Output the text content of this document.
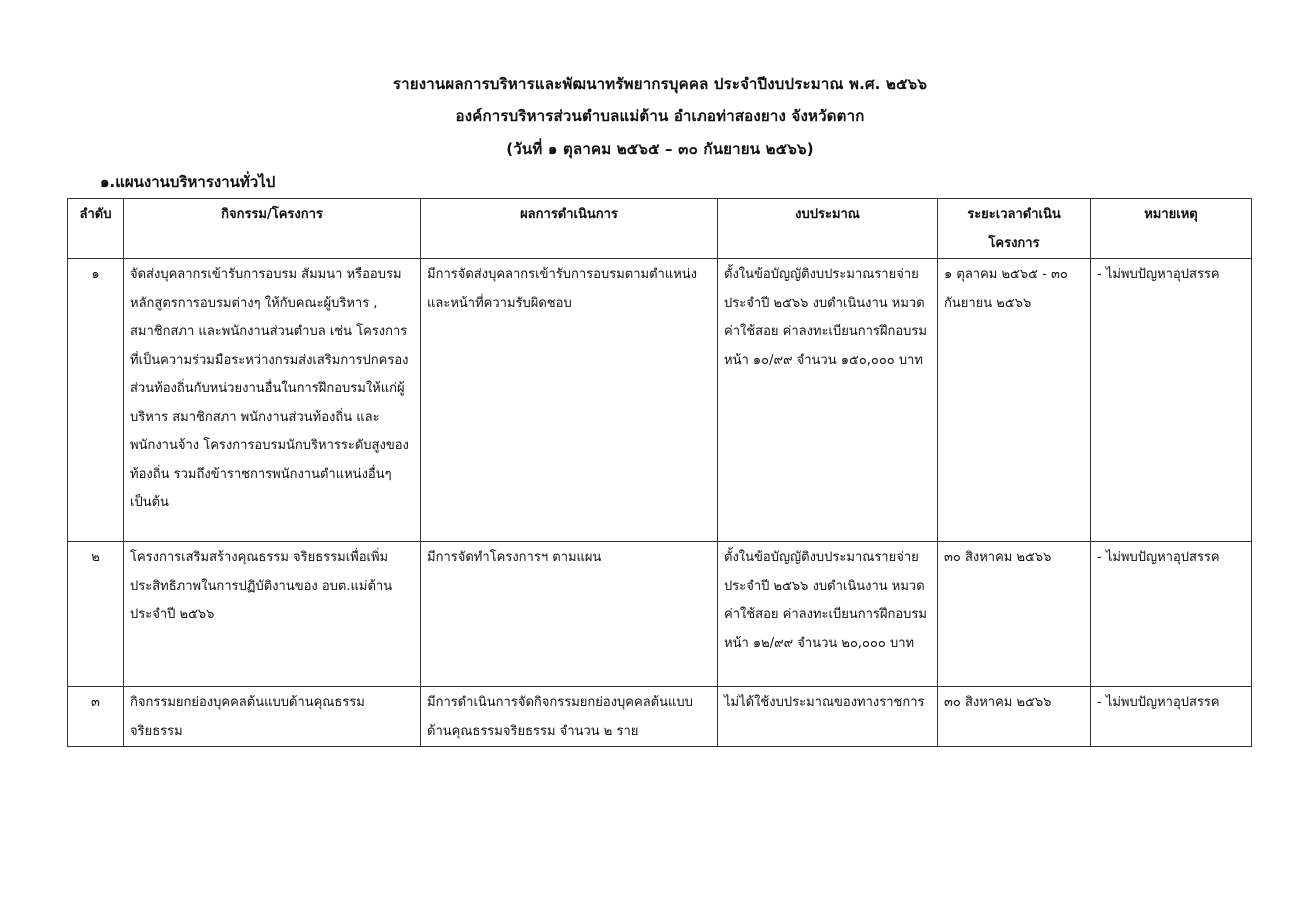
รายงานผลการบริหารและพัฒนาทรัพยากรบุคคล ประจำปีงบประมาณ พ.ศ. ๒๕๖๖
องค์การบริหารส่วนตำบลแม่ต้าน อำเภอท่าสองยาง จังหวัดตาก
(วันที่ ๑ ตุลาคม ๒๕๖๕ – ๓๐ กันยายน ๒๕๖๖)
๑.แผนงานบริหารงานทั่วไป
ลำดับ	กิจกรรม/โครงการ	ผลการดำเนินการ	งบประมาณ	ระยะเวลาดำเนินโครงการ	หมายเหตุ
๑	จัดส่งบุคลากรเข้ารับการอบรม สัมมนา หรืออบรมหลักสูตรการอบรมต่างๆ ให้กับคณะผู้บริหาร , สมาชิกสภา และพนักงานส่วนตำบล เช่น โครงการที่เป็นความร่วมมือระหว่างกรมส่งเสริมการปกครองส่วนท้องถิ่นกับหน่วยงานอื่นในการฝึกอบรมให้แก่ผู้บริหาร สมาชิกสภา พนักงานส่วนท้องถิ่น และพนักงานจ้าง โครงการอบรมนักบริหารระดับสูงของท้องถิ่น รวมถึงข้าราชการพนักงานตำแหน่งอื่นๆ เป็นต้น	มีการจัดส่งบุคลากรเข้ารับการอบรมตามตำแหน่งและหน้าที่ความรับผิดชอบ	ตั้งในข้อบัญญัติงบประมาณรายจ่ายประจำปี ๒๕๖๖ งบดำเนินงาน หมวดค่าใช้สอย ค่าลงทะเบียนการฝึกอบรม หน้า ๑๐/๙๙ จำนวน ๑๕๐,๐๐๐ บาท	๑ ตุลาคม ๒๕๖๕ - ๓๐ กันยายน ๒๕๖๖	- ไม่พบปัญหาอุปสรรค
๒	โครงการเสริมสร้างคุณธรรม จริยธรรมเพื่อเพิ่มประสิทธิภาพในการปฏิบัติงานของ อบต.แม่ต้าน ประจำปี ๒๕๖๖	มีการจัดทำโครงการฯ ตามแผน	ตั้งในข้อบัญญัติงบประมาณรายจ่ายประจำปี ๒๕๖๖ งบดำเนินงาน หมวดค่าใช้สอย ค่าลงทะเบียนการฝึกอบรม หน้า ๑๒/๙๙ จำนวน ๒๐,๐๐๐ บาท	๓๐ สิงหาคม ๒๕๖๖	- ไม่พบปัญหาอุปสรรค
๓	กิจกรรมยกย่องบุคคลต้นแบบด้านคุณธรรมจริยธรรม	มีการดำเนินการจัดกิจกรรมยกย่องบุคคลต้นแบบด้านคุณธรรมจริยธรรม จำนวน ๒ ราย	ไม่ได้ใช้งบประมาณของทางราชการ	๓๐ สิงหาคม ๒๕๖๖	- ไม่พบปัญหาอุปสรรค
